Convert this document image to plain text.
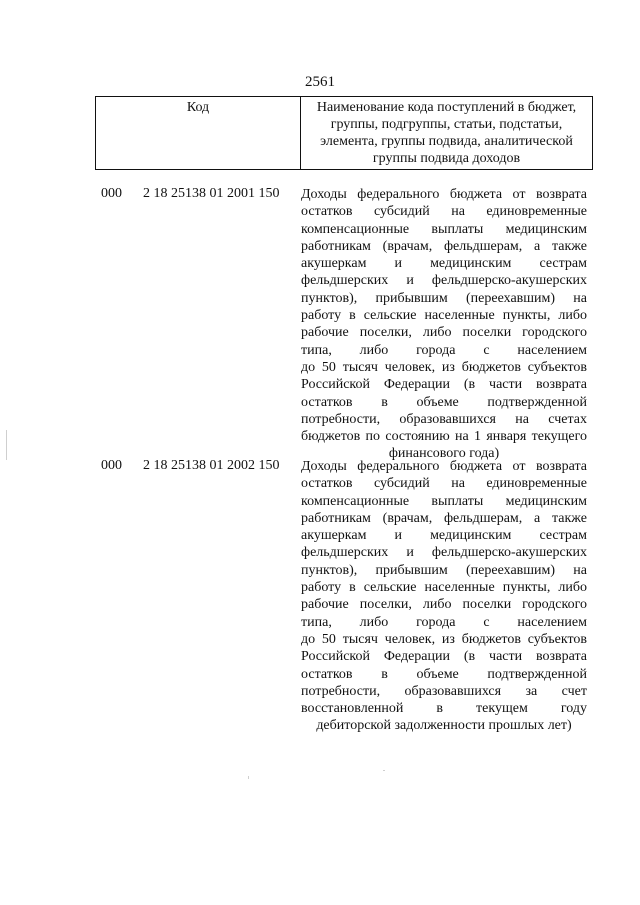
2561
Код	Наименование кода поступлений в бюджет,
группы, подгруппы, статьи, подстатьи,
элемента, группы подвида, аналитической
группы подвида доходов
000 2 18 25138 01 2001 150 Доходы федерального бюджета от возврата
остатков субсидий на единовременные
компенсационные выплаты медицинским
работникам (врачам, фельдшерам, а также
акушеркам и медицинским сестрам
фельдшерских и фельдшерско-акушерских
пунктов), прибывшим (переехавшим) на
работу в сельские населенные пункты, либо
рабочие поселки, либо поселки городского
типа, либо города с населением
до 50 тысяч человек, из бюджетов субъектов
Российской Федерации (в части возврата
остатков в объеме подтвержденной
потребности, образовавшихся на счетах
бюджетов по состоянию на 1 января текущего
финансового года)
000 2 18 25138 01 2002 150 Доходы федерального бюджета от возврата
остатков субсидий на единовременные
компенсационные выплаты медицинским
работникам (врачам, фельдшерам, а также
акушеркам и медицинским сестрам
фельдшерских и фельдшерско-акушерских
пунктов), прибывшим (переехавшим) на
работу в сельские населенные пункты, либо
рабочие поселки, либо поселки городского
типа, либо города с населением
до 50 тысяч человек, из бюджетов субъектов
Российской Федерации (в части возврата
остатков в объеме подтвержденной
потребности, образовавшихся за счет
восстановленной в текущем году
дебиторской задолженности прошлых лет)
